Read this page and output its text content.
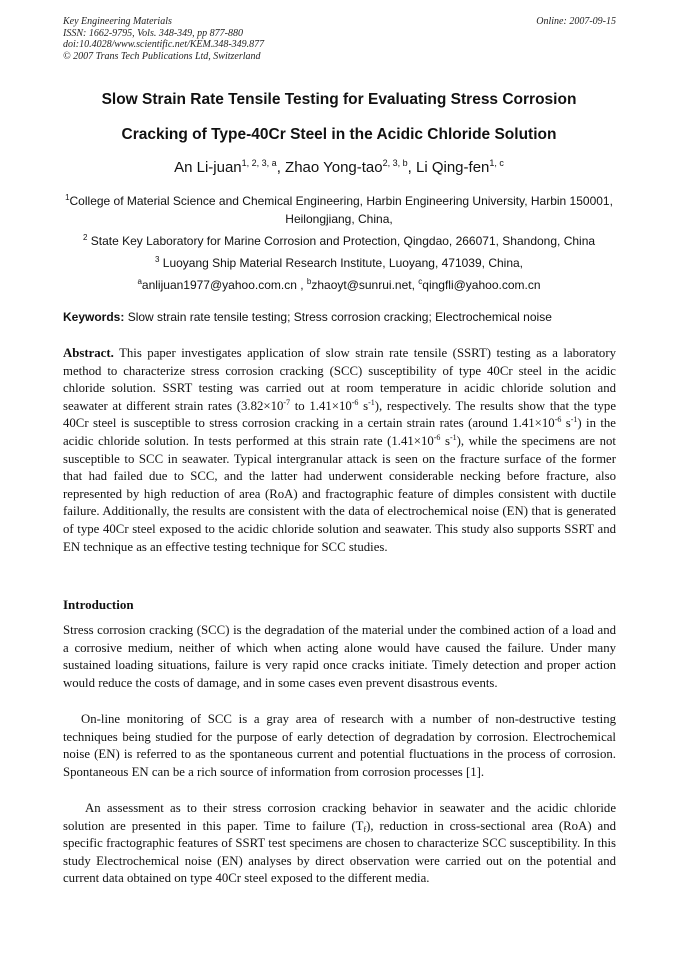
Key Engineering Materials
ISSN: 1662-9795, Vols. 348-349, pp 877-880
doi:10.4028/www.scientific.net/KEM.348-349.877
© 2007 Trans Tech Publications Ltd, Switzerland
Online: 2007-09-15
Slow Strain Rate Tensile Testing for Evaluating Stress Corrosion
Cracking of Type-40Cr Steel in the Acidic Chloride Solution
An Li-juan$^{1, 2, 3, a}$, Zhao Yong-tao$^{2, 3, b}$, Li Qing-fen$^{1, c}$
$^1$College of Material Science and Chemical Engineering, Harbin Engineering University, Harbin 150001, Heilongjiang, China,
$^2$ State Key Laboratory for Marine Corrosion and Protection, Qingdao, 266071, Shandong, China
$^3$ Luoyang Ship Material Research Institute, Luoyang, 471039, China,
$^a$anlijuan1977@yahoo.com.cn , $^b$zhaoyt@sunrui.net, $^c$qingfli@yahoo.com.cn
Keywords: Slow strain rate tensile testing; Stress corrosion cracking; Electrochemical noise
Abstract. This paper investigates application of slow strain rate tensile (SSRT) testing as a laboratory method to characterize stress corrosion cracking (SCC) susceptibility of type 40Cr steel in the acidic chloride solution. SSRT testing was carried out at room temperature in acidic chloride solution and seawater at different strain rates ($3.82\times 10^{-7}$ to $1.41\times 10^{-6}$ $s^{-1}$), respectively. The results show that the type 40Cr steel is susceptible to stress corrosion cracking in a certain strain rates (around $1.41\times 10^{-6}$ $s^{-1}$) in the acidic chloride solution. In tests performed at this strain rate ($1.41\times 10^{-6}$ $s^{-1}$), while the specimens are not susceptible to SCC in seawater. Typical intergranular attack is seen on the fracture surface of the former that had failed due to SCC, and the latter had underwent considerable necking before fracture, also represented by high reduction of area (RoA) and fractographic feature of dimples consistent with ductile failure. Additionally, the results are consistent with the data of electrochemical noise (EN) that is generated of type 40Cr steel exposed to the acidic chloride solution and seawater. This study also supports SSRT and EN technique as an effective testing technique for SCC studies.
Introduction
Stress corrosion cracking (SCC) is the degradation of the material under the combined action of a load and a corrosive medium, neither of which when acting alone would have caused the failure. Under many sustained loading situations, failure is very rapid once cracks initiate. Timely detection and proper action would reduce the costs of damage, and in some cases even prevent disastrous events.
On-line monitoring of SCC is a gray area of research with a number of non-destructive testing techniques being studied for the purpose of early detection of degradation by corrosion. Electrochemical noise (EN) is referred to as the spontaneous current and potential fluctuations in the process of corrosion. Spontaneous EN can be a rich source of information from corrosion processes [1].
An assessment as to their stress corrosion cracking behavior in seawater and the acidic chloride solution are presented in this paper. Time to failure $(T_f)$, reduction in cross-sectional area (RoA) and specific fractographic features of SSRT test specimens are chosen to characterize SCC susceptibility. In this study Electrochemical noise (EN) analyses by direct observation were carried out on the potential and current data obtained on type 40Cr steel exposed to the different media.
